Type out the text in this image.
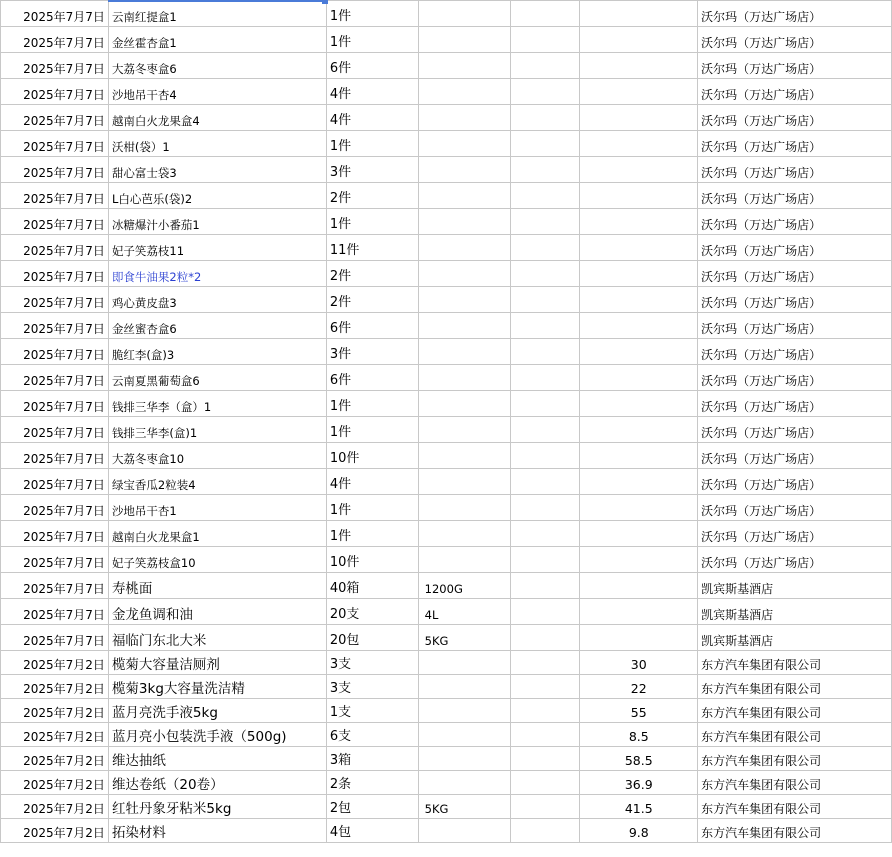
2025年7月7日	云南红提盒1	1件				沃尔玛（万达广场店）
2025年7月7日	金丝霍杏盒1	1件				沃尔玛（万达广场店）
2025年7月7日	大荔冬枣盒6	6件				沃尔玛（万达广场店）
2025年7月7日	沙地吊干杏4	4件				沃尔玛（万达广场店）
2025年7月7日	越南白火龙果盒4	4件				沃尔玛（万达广场店）
2025年7月7日	沃柑(袋）1	1件				沃尔玛（万达广场店）
2025年7月7日	甜心富士袋3	3件				沃尔玛（万达广场店）
2025年7月7日	L白心芭乐(袋)2	2件				沃尔玛（万达广场店）
2025年7月7日	冰糖爆汁小番茄1	1件				沃尔玛（万达广场店）
2025年7月7日	妃子笑荔枝11	11件				沃尔玛（万达广场店）
2025年7月7日	即食牛油果2粒*2	2件				沃尔玛（万达广场店）
2025年7月7日	鸡心黄皮盘3	2件				沃尔玛（万达广场店）
2025年7月7日	金丝蜜杏盒6	6件				沃尔玛（万达广场店）
2025年7月7日	脆红李(盒)3	3件				沃尔玛（万达广场店）
2025年7月7日	云南夏黑葡萄盒6	6件				沃尔玛（万达广场店）
2025年7月7日	钱排三华李（盒）1	1件				沃尔玛（万达广场店）
2025年7月7日	钱排三华李(盒)1	1件				沃尔玛（万达广场店）
2025年7月7日	大荔冬枣盒10	10件				沃尔玛（万达广场店）
2025年7月7日	绿宝香瓜2粒装4	4件				沃尔玛（万达广场店）
2025年7月7日	沙地吊干杏1	1件				沃尔玛（万达广场店）
2025年7月7日	越南白火龙果盒1	1件				沃尔玛（万达广场店）
2025年7月7日	妃子笑荔枝盒10	10件				沃尔玛（万达广场店）
2025年7月7日	寿桃面	40箱	1200G			凯宾斯基酒店
2025年7月7日	金龙鱼调和油	20支	4L			凯宾斯基酒店
2025年7月7日	福临门东北大米	20包	5KG			凯宾斯基酒店
2025年7月2日	榄菊大容量洁厕剂	3支			30	东方汽车集团有限公司
2025年7月2日	榄菊3kg大容量洗洁精	3支			22	东方汽车集团有限公司
2025年7月2日	蓝月亮洗手液5kg	1支			55	东方汽车集团有限公司
2025年7月2日	蓝月亮小包装洗手液（500g)	6支			8.5	东方汽车集团有限公司
2025年7月2日	维达抽纸	3箱			58.5	东方汽车集团有限公司
2025年7月2日	维达卷纸（20卷）	2条			36.9	东方汽车集团有限公司
2025年7月2日	红牡丹象牙粘米5kg	2包	5KG		41.5	东方汽车集团有限公司
2025年7月2日	拓染材料	4包			9.8	东方汽车集团有限公司
